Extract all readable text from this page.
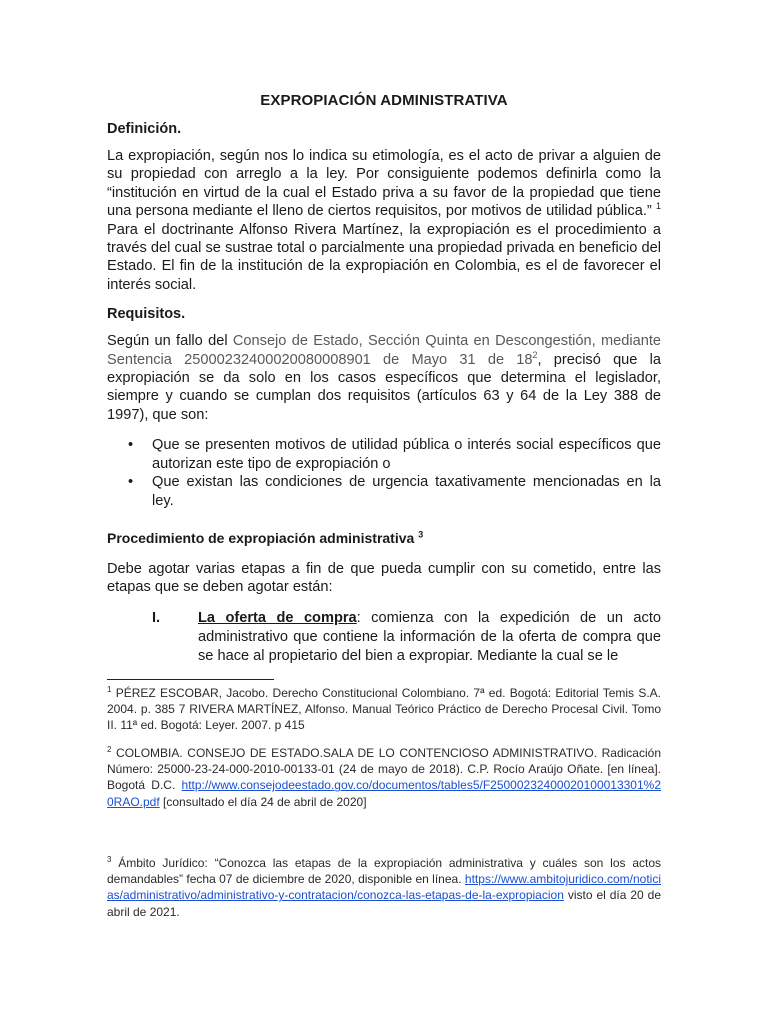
EXPROPIACIÓN ADMINISTRATIVA
Definición.

La expropiación, según nos lo indica su etimología, es el acto de privar a alguien de su propiedad con arreglo a la ley. Por consiguiente podemos definirla como la “institución en virtud de la cual el Estado priva a su favor de la propiedad que tiene una persona mediante el lleno de ciertos requisitos, por motivos de utilidad pública.” $^1$ Para el doctrinante Alfonso Rivera Martínez, la expropiación es el procedimiento a través del cual se sustrae total o parcialmente una propiedad privada en beneficio del Estado. El fin de la institución de la expropiación en Colombia, es el de favorecer el interés social.

Requisitos.

Según un fallo del Consejo de Estado, Sección Quinta en Descongestión, mediante Sentencia 25000232400020080008901 de Mayo 31 de $18^2$, precisó que la expropiación se da solo en los casos específicos que determina el legislador, siempre y cuando se cumplan dos requisitos (artículos 63 y 64 de la Ley 388 de 1997), que son:

• Que se presenten motivos de utilidad pública o interés social específicos que autorizan este tipo de expropiación o
• Que existan las condiciones de urgencia taxativamente mencionadas en la ley.
Procedimiento de expropiación administrativa $^3$

Debe agotar varias etapas a fin de que pueda cumplir con su cometido, entre las etapas que se deben agotar están:

I.	La oferta de compra: comienza con la expedición de un acto administrativo que contiene la información de la oferta de compra que se hace al propietario del bien a expropiar. Mediante la cual se le
$^1$ PÉREZ ESCOBAR, Jacobo. Derecho Constitucional Colombiano. 7ª ed. Bogotá: Editorial Temis S.A. 2004. p. 385 7 RIVERA MARTÍNEZ, Alfonso. Manual Teórico Práctico de Derecho Procesal Civil. Tomo II. 11ª ed. Bogotá: Leyer. 2007. p 415
$^2$ COLOMBIA. CONSEJO DE ESTADO.SALA DE LO CONTENCIOSO ADMINISTRATIVO. Radicación Número: 25000-23-24-000-2010-00133-01 (24 de mayo de 2018). C.P. Rocío Araújo Oñate. [en línea]. Bogotá D.C. http://www.consejodeestado.gov.co/documentos/tables5/F25000232400020100013301%20RAO.pdf [consultado el día 24 de abril de 2020]
$^3$ Ámbito Jurídico: “Conozca las etapas de la expropiación administrativa y cuáles son los actos demandables” fecha 07 de diciembre de 2020, disponible en línea. https://www.ambitojuridico.com/noticias/administrativo/administrativo-y-contratacion/conozca-las-etapas-de-la-expropiacion visto el día 20 de abril de 2021.
